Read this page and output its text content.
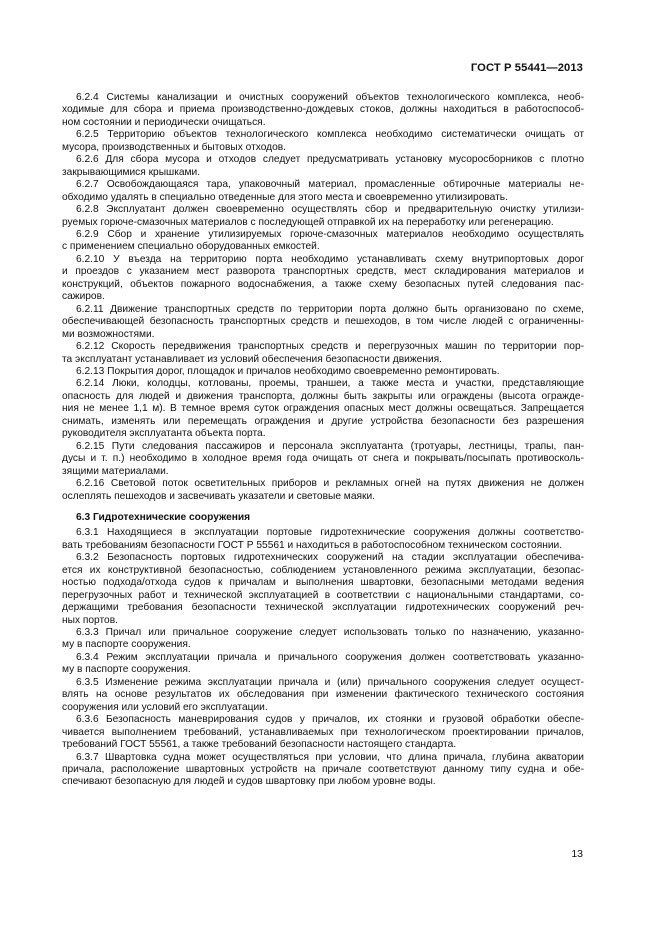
ГОСТ Р 55441—2013
6.2.4 Системы канализации и очистных сооружений объектов технологического комплекса, необ-
ходимые для сбора и приема производственно-дождевых стоков, должны находиться в работоспособ-
ном состоянии и периодически очищаться.
6.2.5 Территорию объектов технологического комплекса необходимо систематически очищать от
мусора, производственных и бытовых отходов.
6.2.6 Для сбора мусора и отходов следует предусматривать установку мусоросборников с плотно
закрывающимися крышками.
6.2.7 Освобождающаяся тара, упаковочный материал, промасленные обтирочные материалы не-
обходимо удалять в специально отведенные для этого места и своевременно утилизировать.
6.2.8 Эксплуатант должен своевременно осуществлять сбор и предварительную очистку утилизи-
руемых горюче-смазочных материалов с последующей отправкой их на переработку или регенерацию.
6.2.9 Сбор и хранение утилизируемых горюче-смазочных материалов необходимо осуществлять
с применением специально оборудованных емкостей.
6.2.10 У въезда на территорию порта необходимо устанавливать схему внутрипортовых дорог
и проездов с указанием мест разворота транспортных средств, мест складирования материалов и
конструкций, объектов пожарного водоснабжения, а также схему безопасных путей следования пас-
сажиров.
6.2.11 Движение транспортных средств по территории порта должно быть организовано по схеме,
обеспечивающей безопасность транспортных средств и пешеходов, в том числе людей с ограниченны-
ми возможностями.
6.2.12 Скорость передвижения транспортных средств и перегрузочных машин по территории пор-
та эксплуатант устанавливает из условий обеспечения безопасности движения.
6.2.13 Покрытия дорог, площадок и причалов необходимо своевременно ремонтировать.
6.2.14 Люки, колодцы, котлованы, проемы, траншеи, а также места и участки, представляющие
опасность для людей и движения транспорта, должны быть закрыты или ограждены (высота огражде-
ния не менее 1,1 м). В темное время суток ограждения опасных мест должны освещаться. Запрещается
снимать, изменять или перемещать ограждения и другие устройства безопасности без разрешения
руководителя эксплуатанта объекта порта.
6.2.15 Пути следования пассажиров и персонала эксплуатанта (тротуары, лестницы, трапы, пан-
дусы и т. п.) необходимо в холодное время года очищать от снега и покрывать/посыпать противосколь-
зящими материалами.
6.2.16 Световой поток осветительных приборов и рекламных огней на путях движения не должен
ослеплять пешеходов и засвечивать указатели и световые маяки.
6.3 Гидротехнические сооружения
6.3.1 Находящиеся в эксплуатации портовые гидротехнические сооружения должны соответство-
вать требованиям безопасности ГОСТ Р 55561 и находиться в работоспособном техническом состоянии.
6.3.2 Безопасность портовых гидротехнических сооружений на стадии эксплуатации обеспечива-
ется их конструктивной безопасностью, соблюдением установленного режима эксплуатации, безопас-
ностью подхода/отхода судов к причалам и выполнения швартовки, безопасными методами ведения
перегрузочных работ и технической эксплуатацией в соответствии с национальными стандартами, со-
держащими требования безопасности технической эксплуатации гидротехнических сооружений реч-
ных портов.
6.3.3 Причал или причальное сооружение следует использовать только по назначению, указанно-
му в паспорте сооружения.
6.3.4 Режим эксплуатации причала и причального сооружения должен соответствовать указанно-
му в паспорте сооружения.
6.3.5 Изменение режима эксплуатации причала и (или) причального сооружения следует осущест-
влять на основе результатов их обследования при изменении фактического технического состояния
сооружения или условий его эксплуатации.
6.3.6 Безопасность маневрирования судов у причалов, их стоянки и грузовой обработки обеспе-
чивается выполнением требований, устанавливаемых при технологическом проектировании причалов,
требований ГОСТ 55561, а также требований безопасности настоящего стандарта.
6.3.7 Швартовка судна может осуществляться при условии, что длина причала, глубина акватории
причала, расположение швартовных устройств на причале соответствуют данному типу судна и обе-
спечивают безопасную для людей и судов швартовку при любом уровне воды.
13
